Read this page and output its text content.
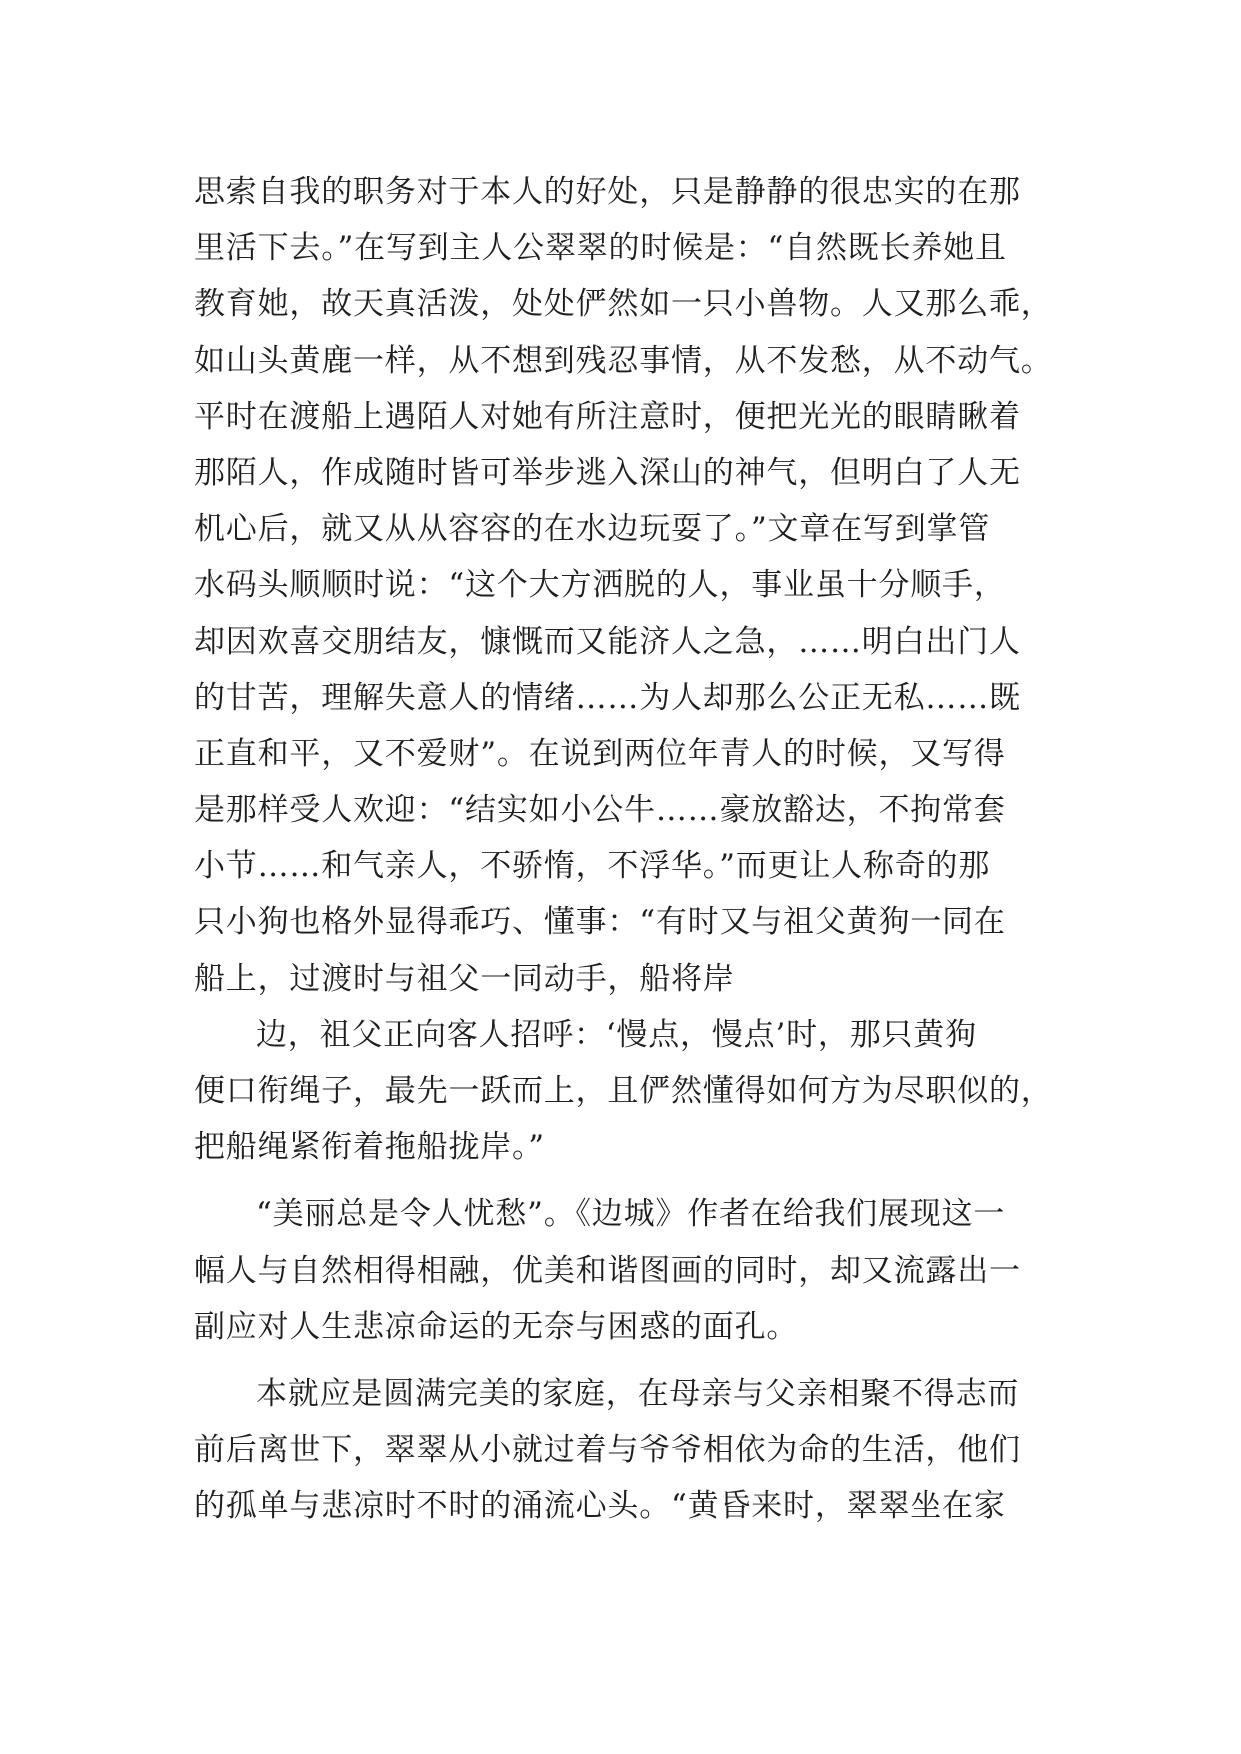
思索自我的职务对于本人的好处，只是静静的很忠实的在那
里活下去。”在写到主人公翠翠的时候是：“自然既长养她且
教育她，故天真活泼，处处俨然如一只小兽物。人又那么乖，
如山头黄鹿一样，从不想到残忍事情，从不发愁，从不动气。
平时在渡船上遇陌人对她有所注意时，便把光光的眼睛瞅着
那陌人，作成随时皆可举步逃入深山的神气，但明白了人无
机心后，就又从从容容的在水边玩耍了。”文章在写到掌管
水码头顺顺时说：“这个大方洒脱的人，事业虽十分顺手，
却因欢喜交朋结友，慷慨而又能济人之急，……明白出门人
的甘苦，理解失意人的情绪……为人却那么公正无私……既
正直和平，又不爱财”。在说到两位年青人的时候，又写得
是那样受人欢迎：“结实如小公牛……豪放豁达，不拘常套
小节……和气亲人，不骄惰，不浮华。”而更让人称奇的那
只小狗也格外显得乖巧、懂事：“有时又与祖父黄狗一同在
船上，过渡时与祖父一同动手，船将岸
边，祖父正向客人招呼：‘慢点，慢点’时，那只黄狗
便口衔绳子，最先一跃而上，且俨然懂得如何方为尽职似的，
把船绳紧衔着拖船拢岸。”
“美丽总是令人忧愁”。《边城》作者在给我们展现这一
幅人与自然相得相融，优美和谐图画的同时，却又流露出一
副应对人生悲凉命运的无奈与困惑的面孔。
本就应是圆满完美的家庭，在母亲与父亲相聚不得志而
前后离世下，翠翠从小就过着与爷爷相依为命的生活，他们
的孤单与悲凉时不时的涌流心头。“黄昏来时，翠翠坐在家
